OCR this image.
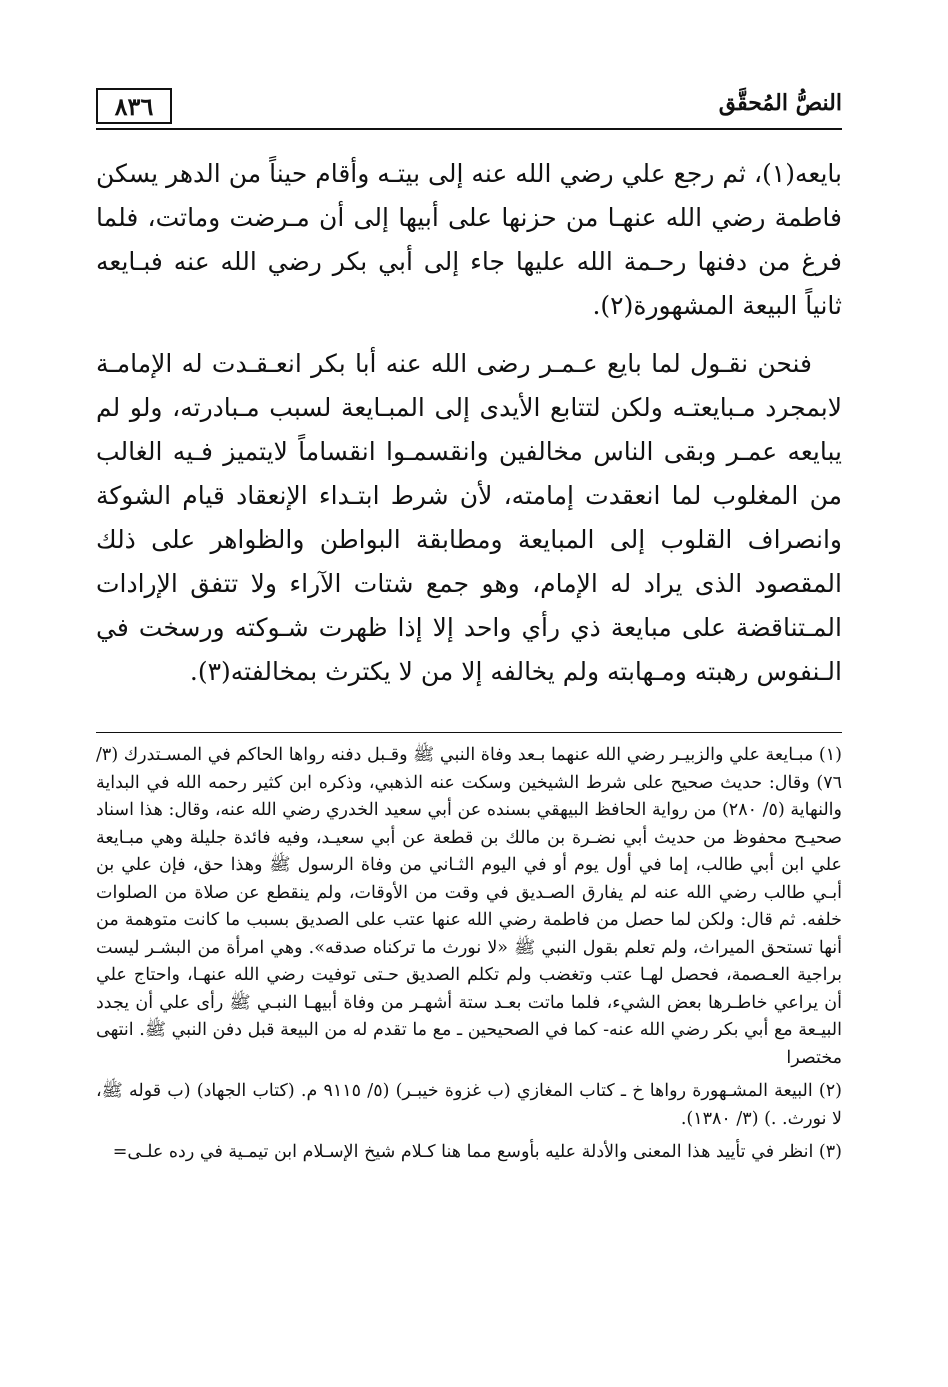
٨٣٦	النصُّ المُحقَّق

بايعه(١)، ثم رجع علي رضي الله عنه إلى بيتـه وأقام حيناً من الدهر يسكن فاطمة رضي الله عنهـا من حزنها على أبيها إلى أن مـرضت وماتت، فلما فرغ من دفنها رحـمة الله عليها جاء إلى أبي بكر رضي الله عنه فبـايعه ثانياً البيعة المشهورة(٢).

فنحن نقـول لما بايع عـمـر رضى الله عنه أبا بكر انعـقـدت له الإمامـة لابمجرد مـبايعتـه ولكن لتتابع الأيدى إلى المبـايعة لسبب مـبادرته، ولو لم يبايعه عمـر وبقى الناس مخالفين وانقسمـوا انقساماً لايتميز فـيه الغالب من المغلوب لما انعقدت إمامته، لأن شرط ابتـداء الإنعقاد قيام الشوكة وانصراف القلوب إلى المبايعة ومطابقة البواطن والظواهر على ذلك المقصود الذى يراد له الإمام، وهو جمع شتات الآراء ولا تتفق الإرادات المـتناقضة على مبايعة ذي رأي واحد إلا إذا ظهرت شـوكته ورسخت في الـنفوس رهبته ومـهابته ولم يخالفه إلا من لا يكترث بمخالفته(٣).

(١) مبـايعة علي والزبيـر رضي الله عنهما بـعد وفاة النبي ﷺ وقـبل دفنه رواها الحاكم في المسـتدرك (٣/ ٧٦) وقال: حديث صحيح على شرط الشيخين وسكت عنه الذهبي، وذكره ابن كثير رحمه الله في البداية والنهاية (٥/ ٢٨٠) من رواية الحافظ البيهقي بسنده عن أبي سعيد الخدري رضي الله عنه، وقال: هذا اسناد صحيـح محفوظ من حديث أبي نضـرة بن مالك بن قطعة عن أبي سعيـد، وفيه فائدة جليلة وهي مبـايعة علي ابن أبي طالب، إما في أول يوم أو في اليوم الثـاني من وفاة الرسول ﷺ وهذا حق، فإن علي بن أبـي طالب رضي الله عنه لم يفارق الصـديق في وقت من الأوقات، ولم ينقطع عن صلاة من الصلوات خلفه. ثم قال: ولكن لما حصل من فاطمة رضي الله عنها عتب على الصديق بسبب ما كانت متوهمة من أنها تستحق الميراث، ولم تعلم بقول النبي ﷺ «لا نورث ما تركناه صدقه». وهي امرأة من البشـر ليست براجية العـصمة، فحصل لهـا عتب وتغضب ولم تكلم الصديق حـتى توفيت رضي الله عنهـا، واحتاج علي أن يراعي خاطـرها بعض الشيء، فلما ماتت بعـد ستة أشهـر من وفاة أبيهـا النبـي ﷺ رأى علي أن يجدد البيـعة مع أبي بكر رضي الله عنه- كما في الصحيحين ـ مع ما تقدم له من البيعة قبل دفن النبي ﷺ. انتهى مختصرا

(٢) البيعة المشـهورة رواها خ ـ كتاب المغازي (ب غزوة خيبـر) (٥/ ٩١١٥ م. (كتاب الجهاد) (ب قوله ﷺ، لا نورث. .) (٣/ ١٣٨٠).

(٣) انظر في تأييد هذا المعنى والأدلة عليه بأوسع مما هنا كـلام شيخ الإسـلام ابن تيمـية في رده علـى=
